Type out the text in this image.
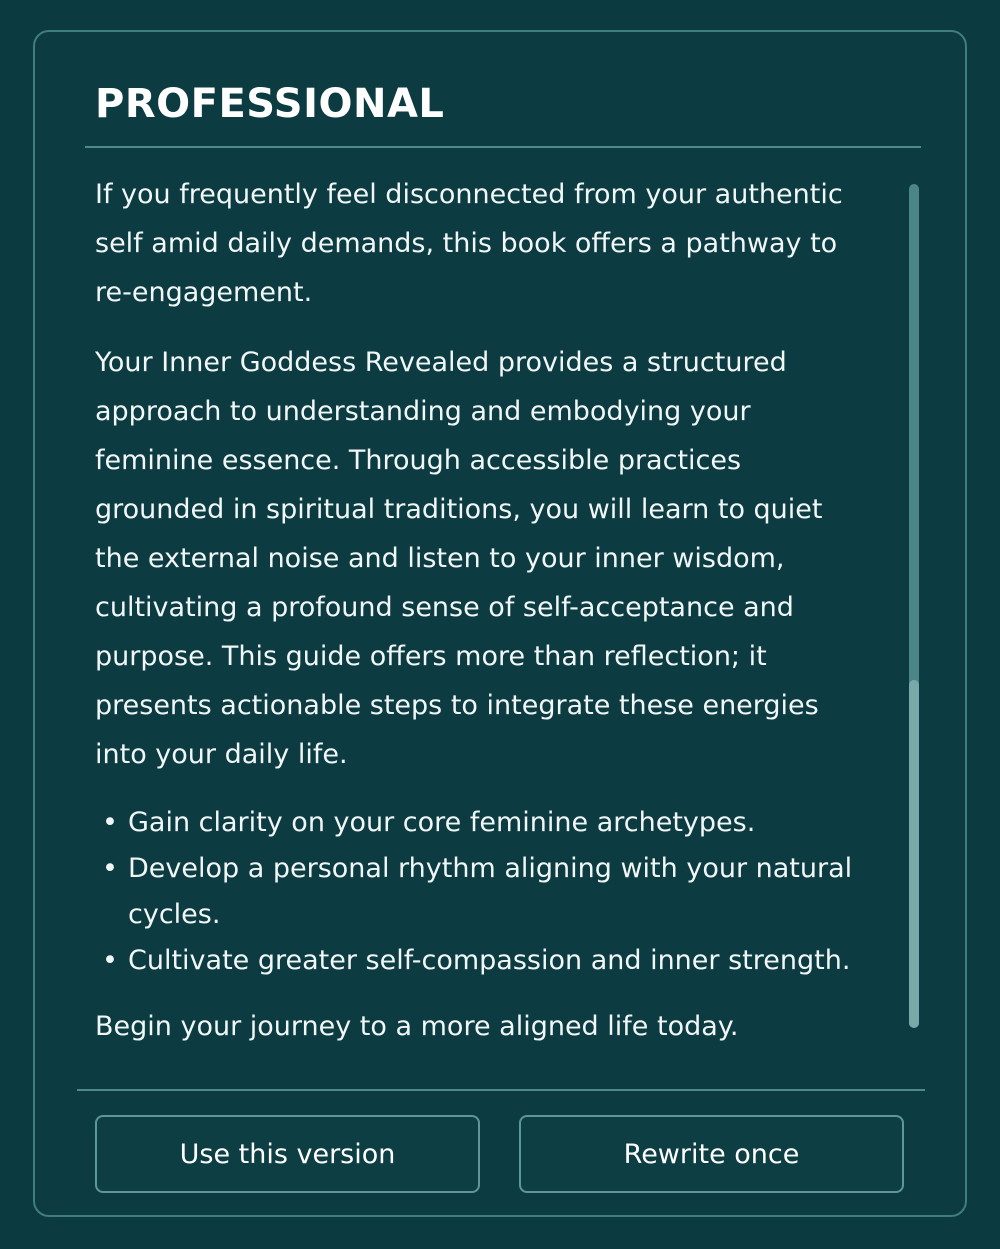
PROFESSIONAL

If you frequently feel disconnected from your authentic self amid daily demands, this book offers a pathway to re-engagement.

Your Inner Goddess Revealed provides a structured approach to understanding and embodying your feminine essence. Through accessible practices grounded in spiritual traditions, you will learn to quiet the external noise and listen to your inner wisdom, cultivating a profound sense of self-acceptance and purpose. This guide offers more than reflection; it presents actionable steps to integrate these energies into your daily life.

• Gain clarity on your core feminine archetypes.
• Develop a personal rhythm aligning with your natural cycles.
• Cultivate greater self-compassion and inner strength.

Begin your journey to a more aligned life today.

Use this version	Rewrite once
